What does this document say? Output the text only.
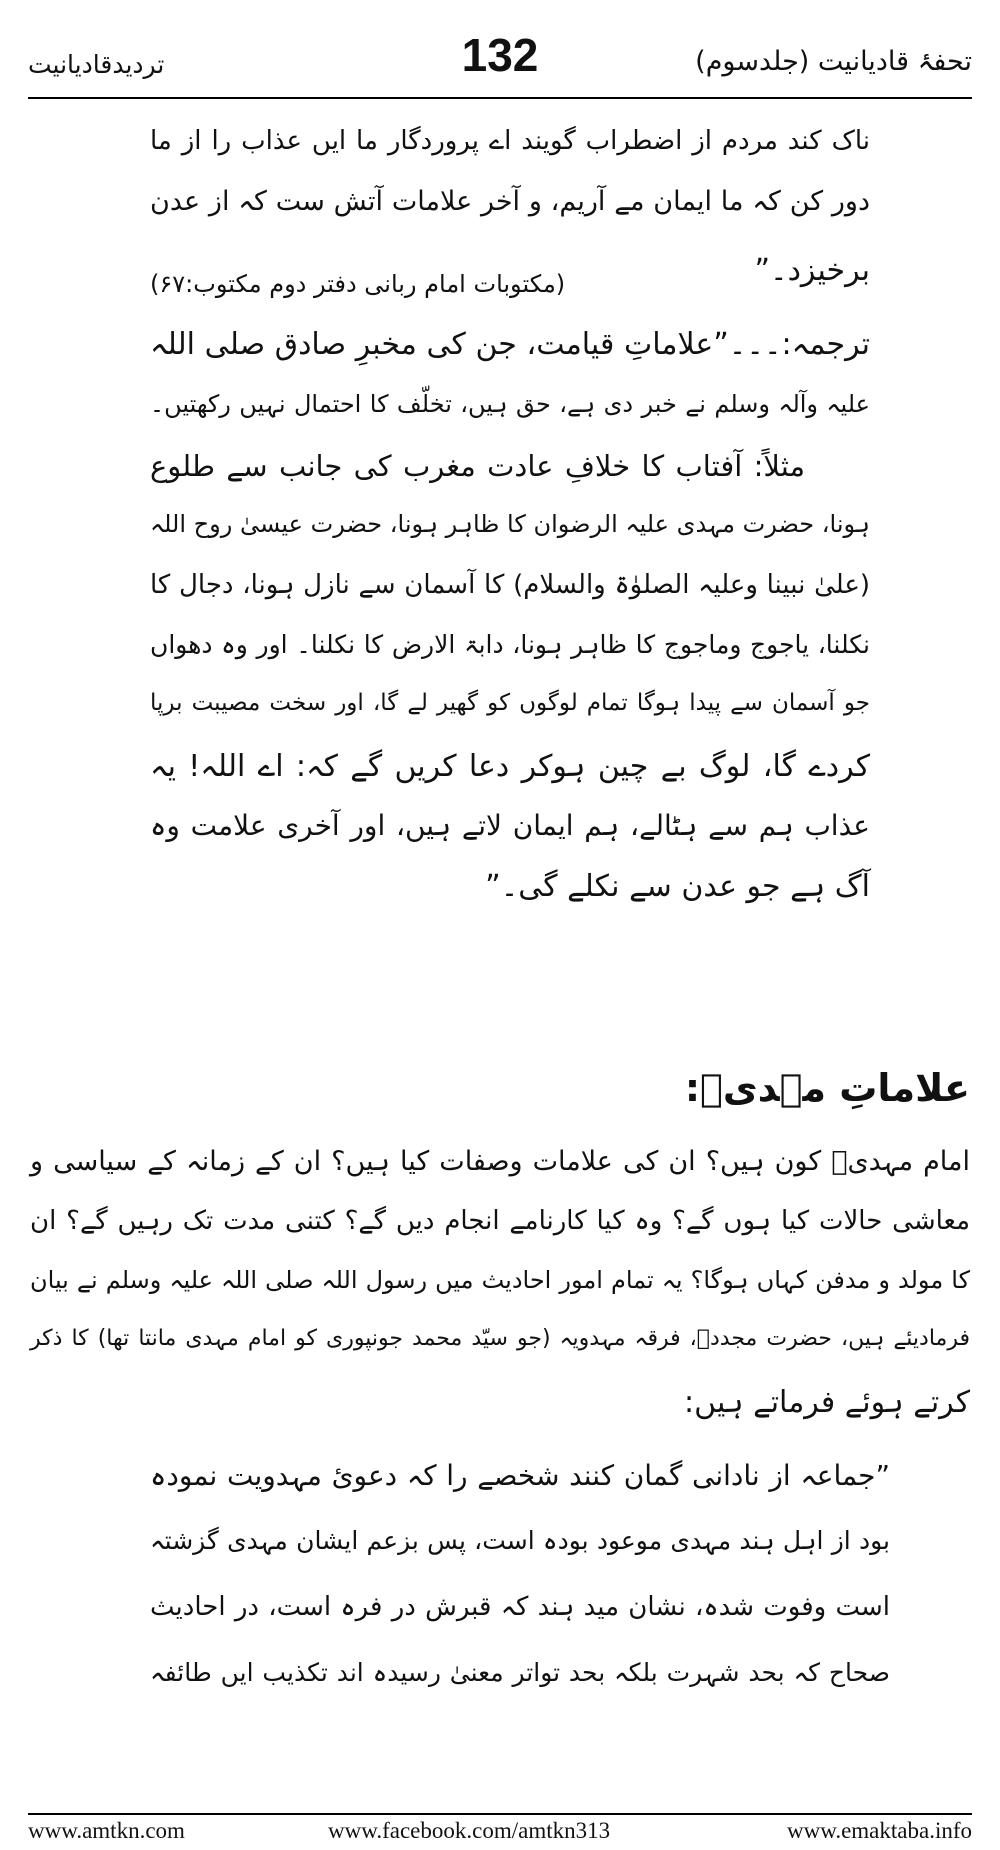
تردیدقادیانیت	132	تحفۂ قادیانیت (جلدسوم)
ناک کند مردم از اضطراب گویند اے پروردگار ما ایں عذاب را از ما
دور کن کہ ما ایمان مے آریم، و آخر علامات آتش ست کہ از عدن
برخیزد۔”
(مکتوبات امام ربانی دفتر دوم مکتوب:۶۷)
ترجمہ:۔۔۔”علاماتِ قیامت، جن کی مخبرِ صادق صلی اللہ
علیہ وآلہ وسلم نے خبر دی ہے، حق ہیں، تخلّف کا احتمال نہیں رکھتیں۔
مثلاً: آفتاب کا خلافِ عادت مغرب کی جانب سے طلوع
ہونا، حضرت مہدی علیہ الرضوان کا ظاہر ہونا، حضرت عیسیٰ روح اللہ
(علیٰ نبینا وعلیہ الصلوٰۃ والسلام) کا آسمان سے نازل ہونا، دجال کا
نکلنا، یاجوج وماجوج کا ظاہر ہونا، دابۃ الارض کا نکلنا۔ اور وہ دھواں
جو آسمان سے پیدا ہوگا تمام لوگوں کو گھیر لے گا، اور سخت مصیبت برپا
کردے گا، لوگ بے چین ہوکر دعا کریں گے کہ: اے اللہ! یہ
عذاب ہم سے ہٹالے، ہم ایمان لاتے ہیں، اور آخری علامت وہ
آگ ہے جو عدن سے نکلے گی۔”
علاماتِ مہدیؓ:
امام مہدیؓ کون ہیں؟ ان کی علامات وصفات کیا ہیں؟ ان کے زمانہ کے سیاسی و
معاشی حالات کیا ہوں گے؟ وہ کیا کارنامے انجام دیں گے؟ کتنی مدت تک رہیں گے؟ ان
کا مولد و مدفن کہاں ہوگا؟ یہ تمام امور احادیث میں رسول اللہ صلی اللہ علیہ وسلم نے بیان
فرمادیئے ہیں، حضرت مجددؒ، فرقہ مہدویہ (جو سیّد محمد جونپوری کو امام مہدی مانتا تھا) کا ذکر
کرتے ہوئے فرماتے ہیں:
”جماعہ از نادانی گمان کنند شخصے را کہ دعوئ مہدویت نمودہ
بود از اہل ہند مہدی موعود بودہ است، پس بزعم ایشان مہدی گزشتہ
است وفوت شدہ، نشان مید ہند کہ قبرش در فرہ است، در احادیث
صحاح کہ بحد شہرت بلکہ بحد تواتر معنیٰ رسیدہ اند تکذیب ایں طائفہ
www.amtkn.com	www.facebook.com/amtkn313	www.emaktaba.info
